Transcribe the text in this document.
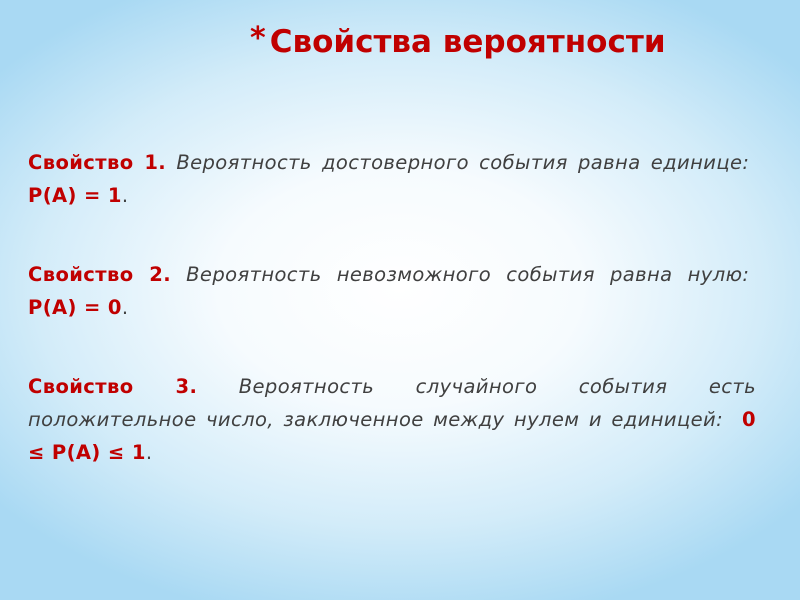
* Свойства вероятности

Свойство 1. Вероятность достоверного события равна единице:  P(A) = 1.

Свойство 2. Вероятность невозможного события равна нулю:  P(A) = 0.

Свойство 3. Вероятность случайного события есть положительное число, заключенное между нулем и единицей: 0 ≤ P(A) ≤ 1.
